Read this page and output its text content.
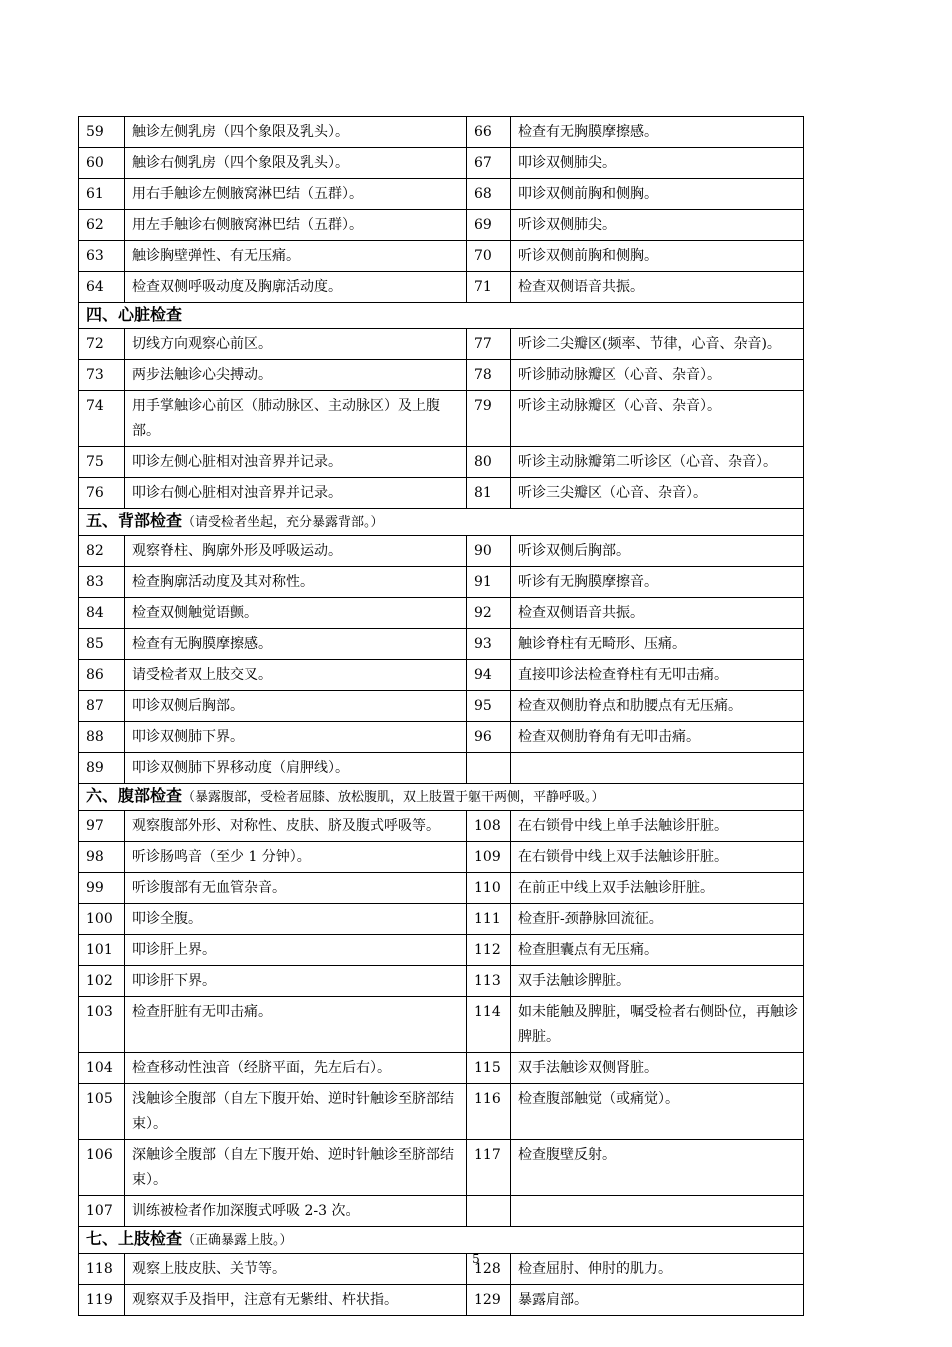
59	触诊左侧乳房（四个象限及乳头）。	66	检查有无胸膜摩擦感。
60	触诊右侧乳房（四个象限及乳头）。	67	叩诊双侧肺尖。
61	用右手触诊左侧腋窝淋巴结（五群）。	68	叩诊双侧前胸和侧胸。
62	用左手触诊右侧腋窝淋巴结（五群）。	69	听诊双侧肺尖。
63	触诊胸壁弹性、有无压痛。	70	听诊双侧前胸和侧胸。
64	检查双侧呼吸动度及胸廓活动度。	71	检查双侧语音共振。
四、心脏检查			
72	切线方向观察心前区。	77	听诊二尖瓣区(频率、节律，心音、杂音)。
73	两步法触诊心尖搏动。	78	听诊肺动脉瓣区（心音、杂音）。
74	用手掌触诊心前区（肺动脉区、主动脉区）及上腹部。	79	听诊主动脉瓣区（心音、杂音）。
75	叩诊左侧心脏相对浊音界并记录。	80	听诊主动脉瓣第二听诊区（心音、杂音）。
76	叩诊右侧心脏相对浊音界并记录。	81	听诊三尖瓣区（心音、杂音）。
五、背部检查（请受检者坐起，充分暴露背部。）			
82	观察脊柱、胸廓外形及呼吸运动。	90	听诊双侧后胸部。
83	检查胸廓活动度及其对称性。	91	听诊有无胸膜摩擦音。
84	检查双侧触觉语颤。	92	检查双侧语音共振。
85	检查有无胸膜摩擦感。	93	触诊脊柱有无畸形、压痛。
86	请受检者双上肢交叉。	94	直接叩诊法检查脊柱有无叩击痛。
87	叩诊双侧后胸部。	95	检查双侧肋脊点和肋腰点有无压痛。
88	叩诊双侧肺下界。	96	检查双侧肋脊角有无叩击痛。
89	叩诊双侧肺下界移动度（肩胛线）。		
六、腹部检查（暴露腹部，受检者屈膝、放松腹肌，双上肢置于躯干两侧，平静呼吸。）			
97	观察腹部外形、对称性、皮肤、脐及腹式呼吸等。	108	在右锁骨中线上单手法触诊肝脏。
98	听诊肠鸣音（至少 1 分钟）。	109	在右锁骨中线上双手法触诊肝脏。
99	听诊腹部有无血管杂音。	110	在前正中线上双手法触诊肝脏。
100	叩诊全腹。	111	检查肝-颈静脉回流征。
101	叩诊肝上界。	112	检查胆囊点有无压痛。
102	叩诊肝下界。	113	双手法触诊脾脏。
103	检查肝脏有无叩击痛。	114	如未能触及脾脏，嘱受检者右侧卧位，再触诊脾脏。
104	检查移动性浊音（经脐平面，先左后右）。	115	双手法触诊双侧肾脏。
105	浅触诊全腹部（自左下腹开始、逆时针触诊至脐部结束）。	116	检查腹部触觉（或痛觉）。
106	深触诊全腹部（自左下腹开始、逆时针触诊至脐部结束）。	117	检查腹壁反射。
107	训练被检者作加深腹式呼吸 2-3 次。		
七、上肢检查（正确暴露上肢。）			
118	观察上肢皮肤、关节等。	128	检查屈肘、伸肘的肌力。
119	观察双手及指甲，注意有无紫绀、杵状指。	129	暴露肩部。
5
